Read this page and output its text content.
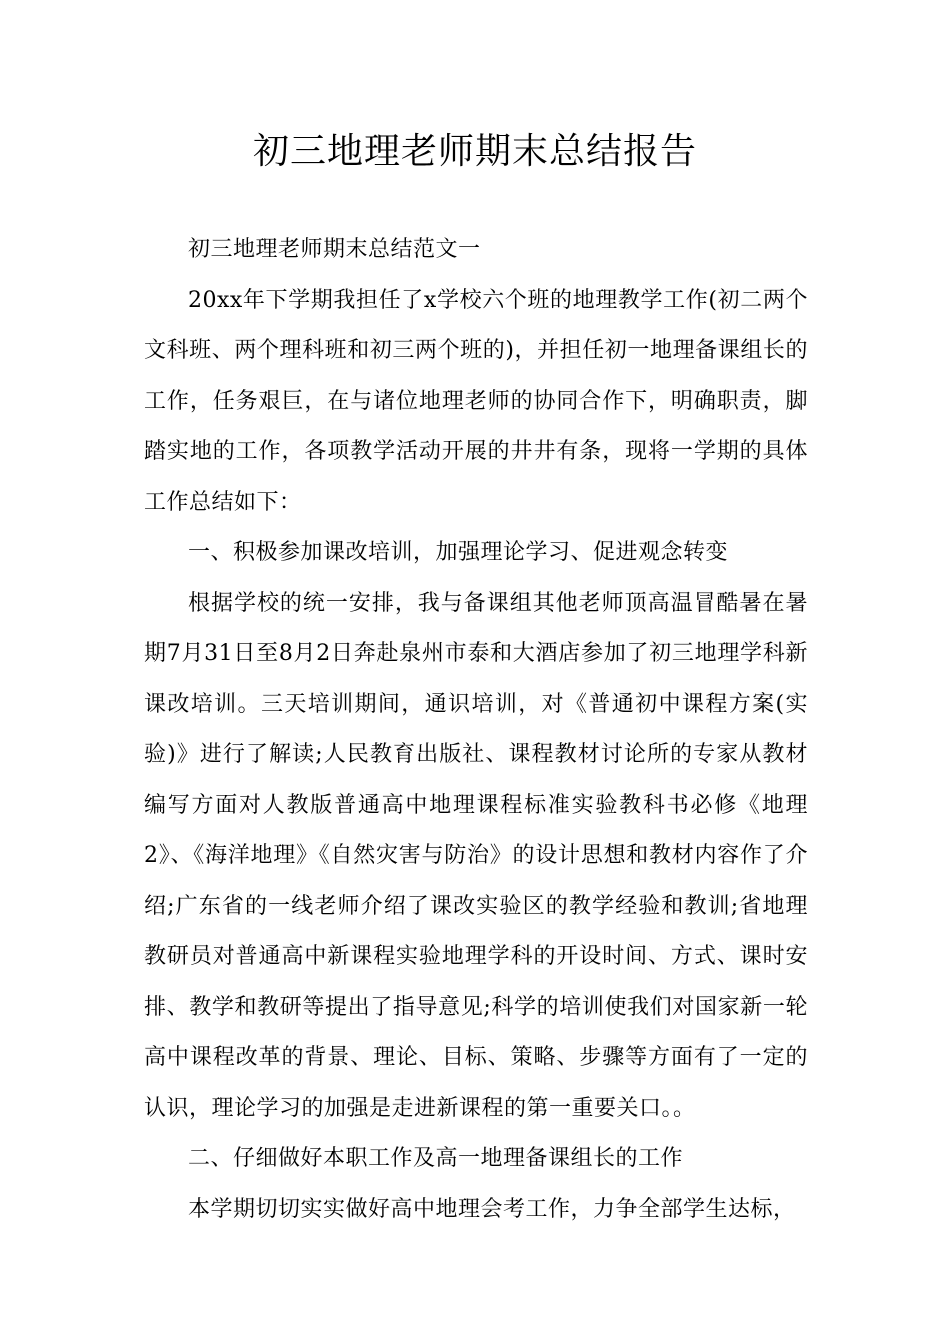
初三地理老师期末总结报告

初三地理老师期末总结范文一

20xx年下学期我担任了x学校六个班的地理教学工作(初二两个文科班、两个理科班和初三两个班的)，并担任初一地理备课组长的工作，任务艰巨，在与诸位地理老师的协同合作下，明确职责，脚踏实地的工作，各项教学活动开展的井井有条，现将一学期的具体工作总结如下：

一、积极参加课改培训，加强理论学习、促进观念转变

根据学校的统一安排，我与备课组其他老师顶高温冒酷暑在暑期7月31日至8月2日奔赴泉州市泰和大酒店参加了初三地理学科新课改培训。三天培训期间，通识培训，对《普通初中课程方案(实验)》进行了解读;人民教育出版社、课程教材讨论所的专家从教材编写方面对人教版普通高中地理课程标准实验教科书必修《地理2》、《海洋地理》《自然灾害与防治》的设计思想和教材内容作了介绍;广东省的一线老师介绍了课改实验区的教学经验和教训;省地理教研员对普通高中新课程实验地理学科的开设时间、方式、课时安排、教学和教研等提出了指导意见;科学的培训使我们对国家新一轮高中课程改革的背景、理论、目标、策略、步骤等方面有了一定的认识，理论学习的加强是走进新课程的第一重要关口。。

二、仔细做好本职工作及高一地理备课组长的工作

本学期切切实实做好高中地理会考工作，力争全部学生达标，
